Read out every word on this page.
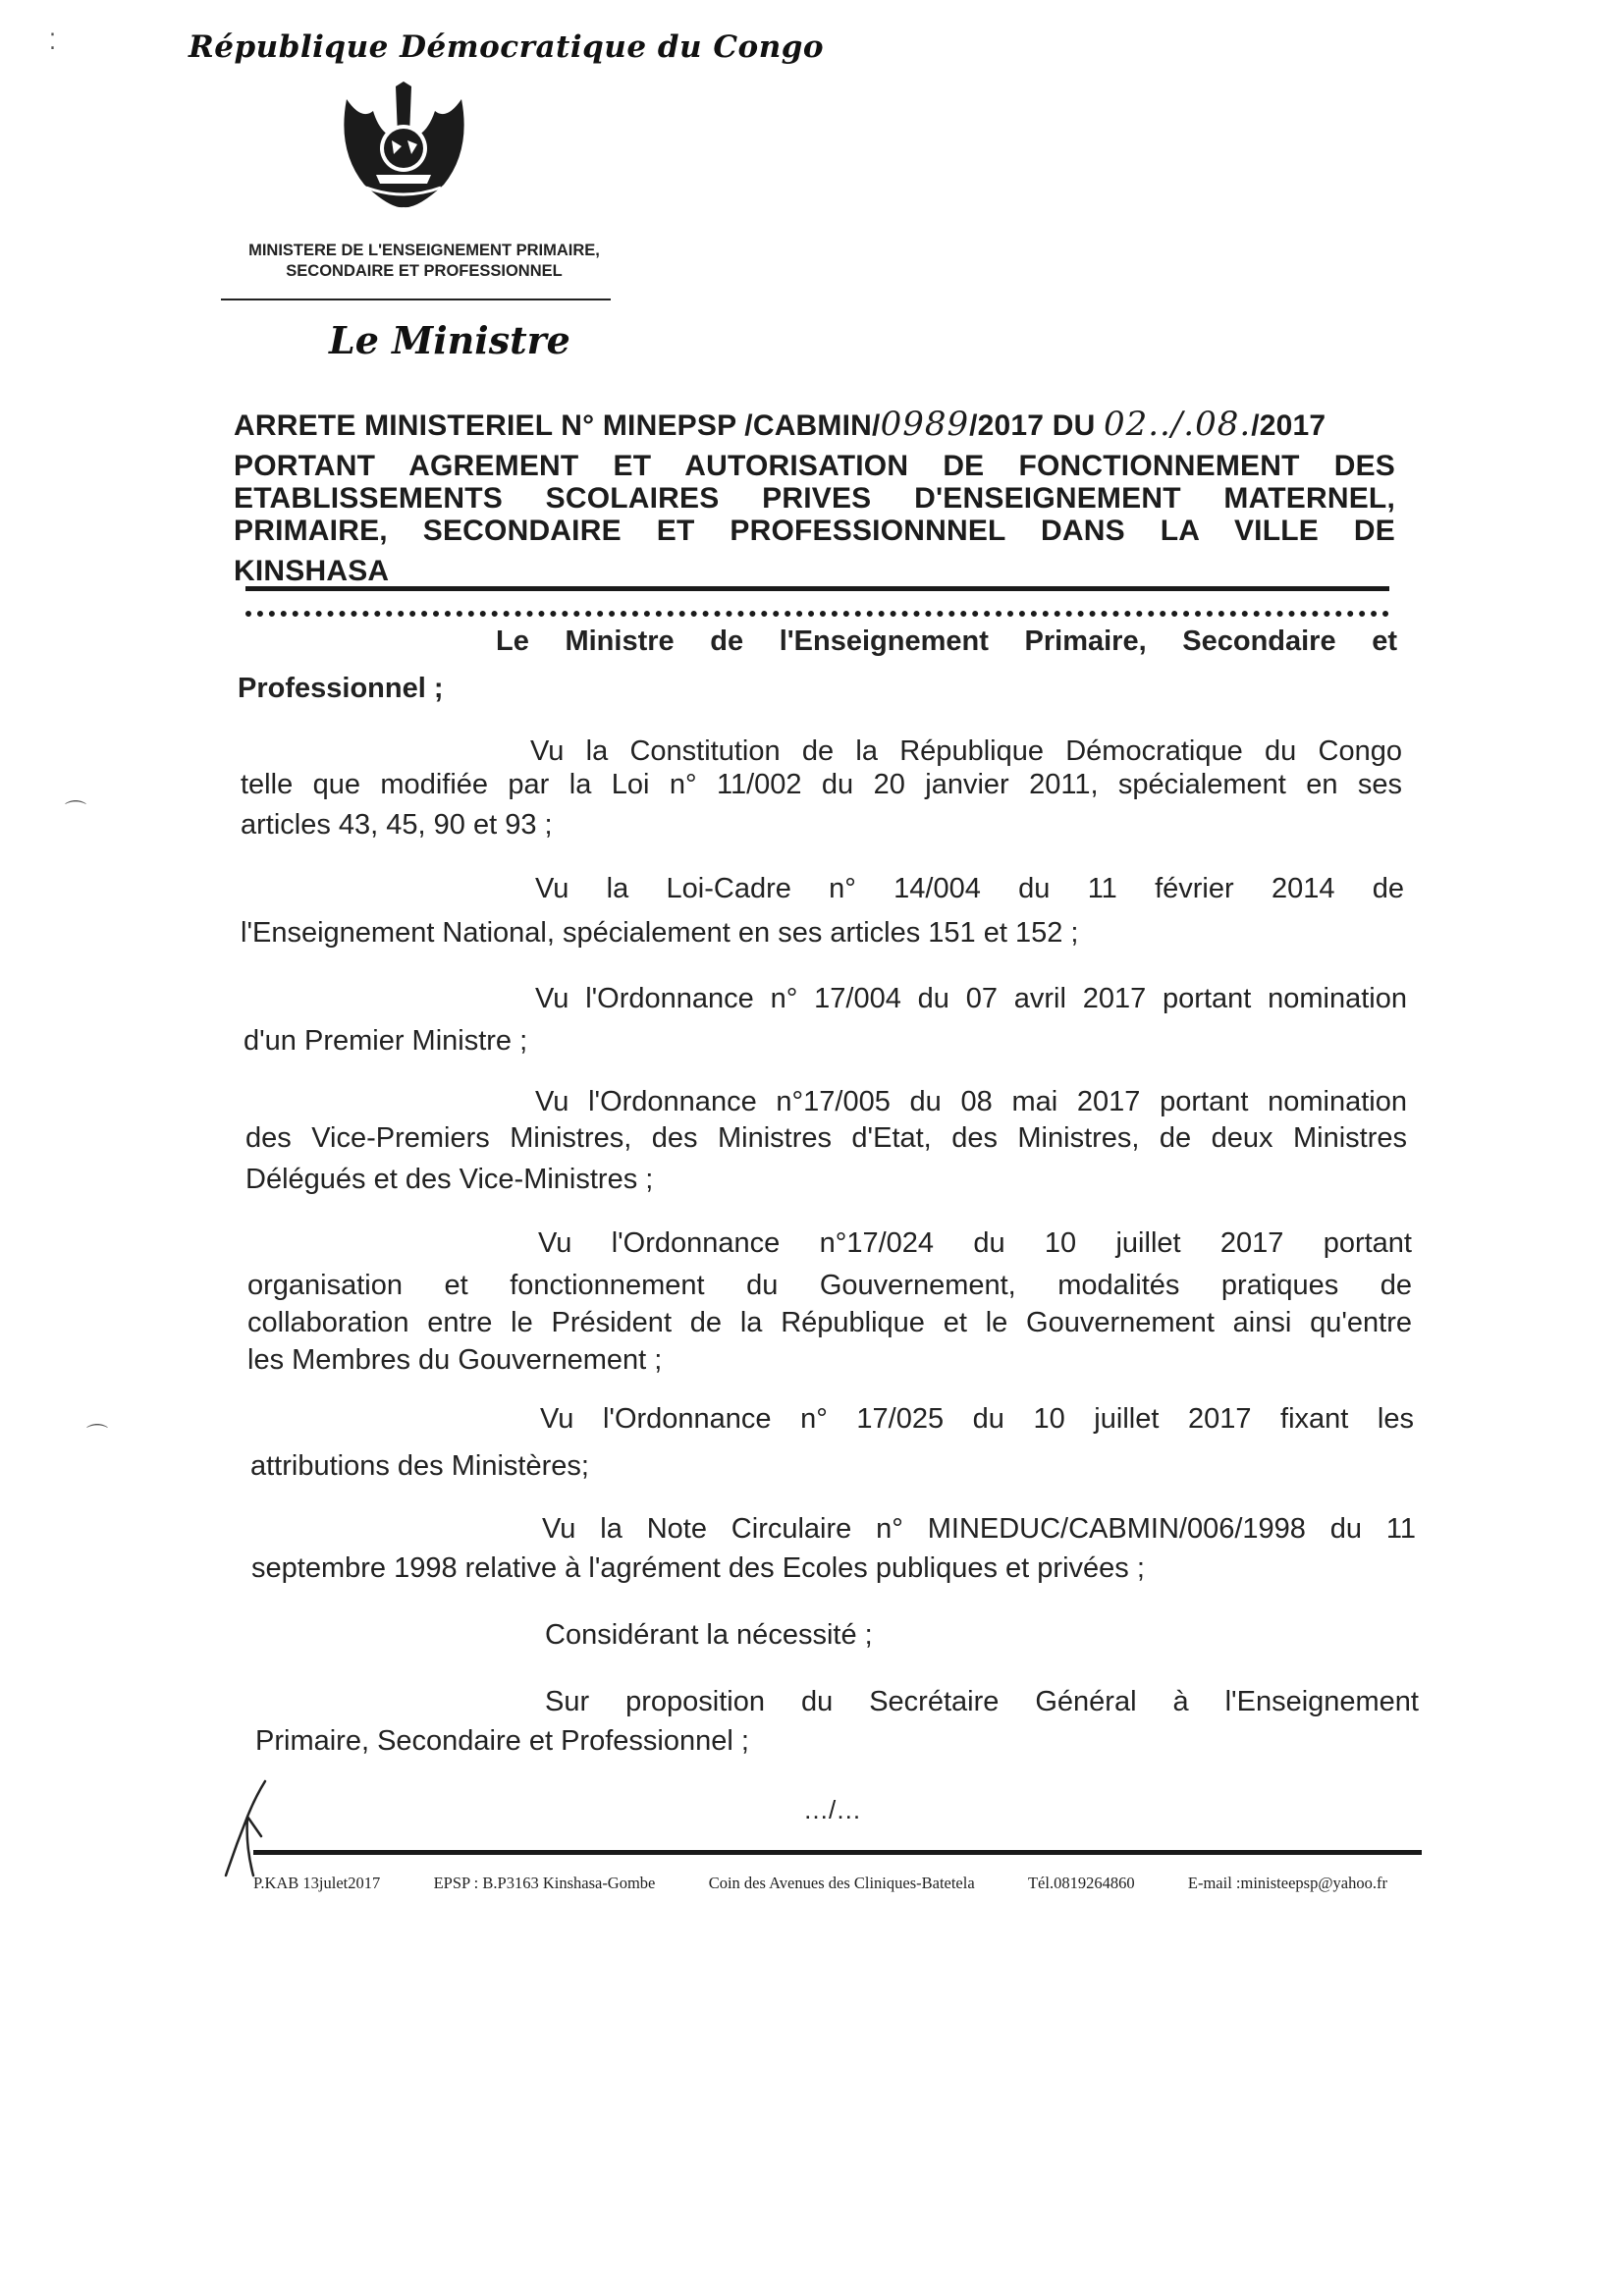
République Démocratique du Congo
MINISTERE DE L'ENSEIGNEMENT PRIMAIRE,
SECONDAIRE ET PROFESSIONNEL
Le Ministre
ARRETE MINISTERIEL N° MINEPSP /CABMIN/0989/2017 DU 02../.08./2017
PORTANT AGREMENT ET AUTORISATION DE FONCTIONNEMENT DES
ETABLISSEMENTS SCOLAIRES PRIVES D'ENSEIGNEMENT MATERNEL,
PRIMAIRE, SECONDAIRE ET PROFESSIONNNEL DANS LA VILLE DE
KINSHASA
Le Ministre de l'Enseignement Primaire, Secondaire et
Professionnel ;
Vu la Constitution de la République Démocratique du Congo
telle que modifiée par la Loi n° 11/002 du 20 janvier 2011, spécialement en ses
articles 43, 45, 90 et 93 ;
Vu la Loi-Cadre n° 14/004 du 11 février 2014 de
l'Enseignement National, spécialement en ses articles 151 et 152 ;
Vu l'Ordonnance n° 17/004 du 07 avril 2017 portant nomination
d'un Premier Ministre ;
Vu l'Ordonnance n°17/005 du 08 mai 2017 portant nomination
des Vice-Premiers Ministres, des Ministres d'Etat, des Ministres, de deux Ministres
Délégués et des Vice-Ministres ;
Vu l'Ordonnance n°17/024 du 10 juillet 2017 portant
organisation et fonctionnement du Gouvernement, modalités pratiques de
collaboration entre le Président de la République et le Gouvernement ainsi qu'entre
les Membres du Gouvernement ;
Vu l'Ordonnance n° 17/025 du 10 juillet 2017 fixant les
attributions des Ministères;
Vu la Note Circulaire n° MINEDUC/CABMIN/006/1998 du 11
septembre 1998 relative à l'agrément des Ecoles publiques et privées ;
Considérant la nécessité ;
Sur proposition du Secrétaire Général à l'Enseignement
Primaire, Secondaire et Professionnel ;
…/…
P.KAB 13julet2017	EPSP : B.P3163 Kinshasa-Gombe	Coin des Avenues des Cliniques-Batetela	Tél.0819264860	E-mail :ministeepsp@yahoo.fr
⁚
⌒
⌒
